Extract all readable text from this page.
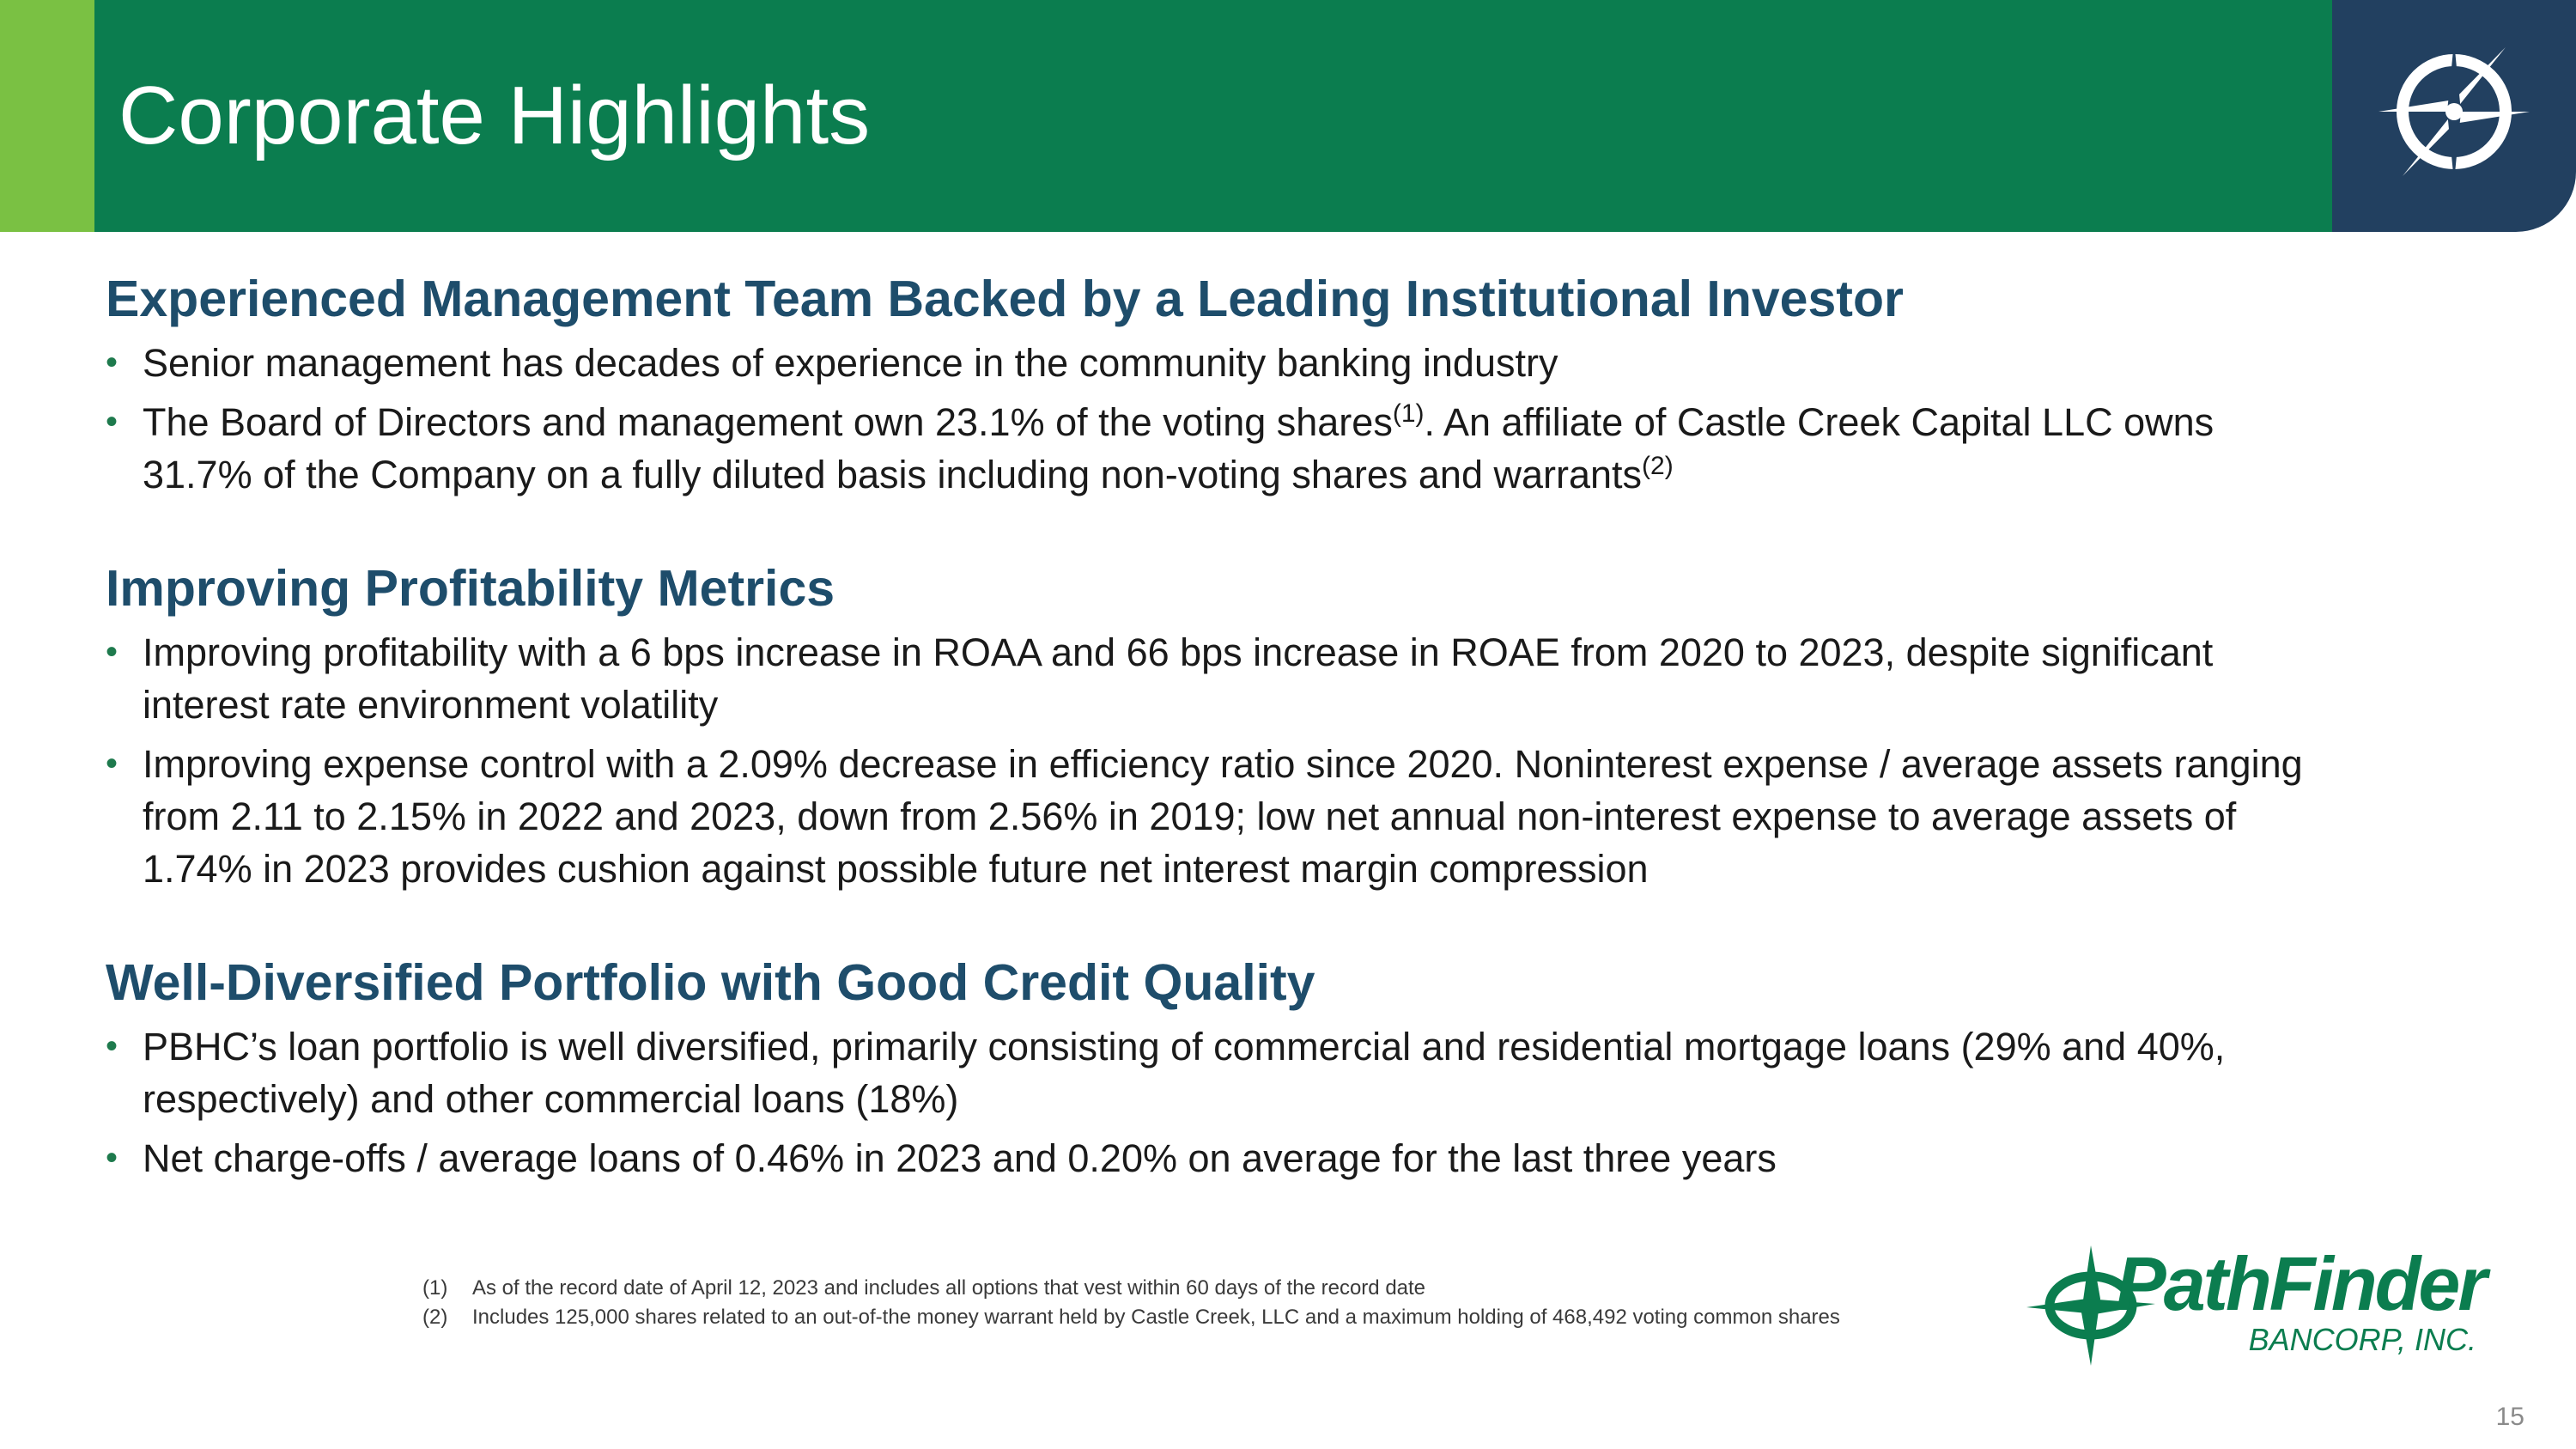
Corporate Highlights
Experienced Management Team Backed by a Leading Institutional Investor
• Senior management has decades of experience in the community banking industry
• The Board of Directors and management own 23.1% of the voting shares$^{(1)}$. An affiliate of Castle Creek Capital LLC owns 31.7% of the Company on a fully diluted basis including non-voting shares and warrants$^{(2)}$
Improving Profitability Metrics
• Improving profitability with a 6 bps increase in ROAA and 66 bps increase in ROAE from 2020 to 2023, despite significant interest rate environment volatility
• Improving expense control with a 2.09% decrease in efficiency ratio since 2020. Noninterest expense / average assets ranging from 2.11 to 2.15% in 2022 and 2023, down from 2.56% in 2019; low net annual non-interest expense to average assets of 1.74% in 2023 provides cushion against possible future net interest margin compression
Well-Diversified Portfolio with Good Credit Quality
• PBHC’s loan portfolio is well diversified, primarily consisting of commercial and residential mortgage loans (29% and 40%, respectively) and other commercial loans (18%)
• Net charge-offs / average loans of 0.46% in 2023 and 0.20% on average for the last three years
(1) As of the record date of April 12, 2023 and includes all options that vest within 60 days of the record date
(2) Includes 125,000 shares related to an out-of-the money warrant held by Castle Creek, LLC and a maximum holding of 468,492 voting common shares	PathFinder
BANCORP, INC.
15
